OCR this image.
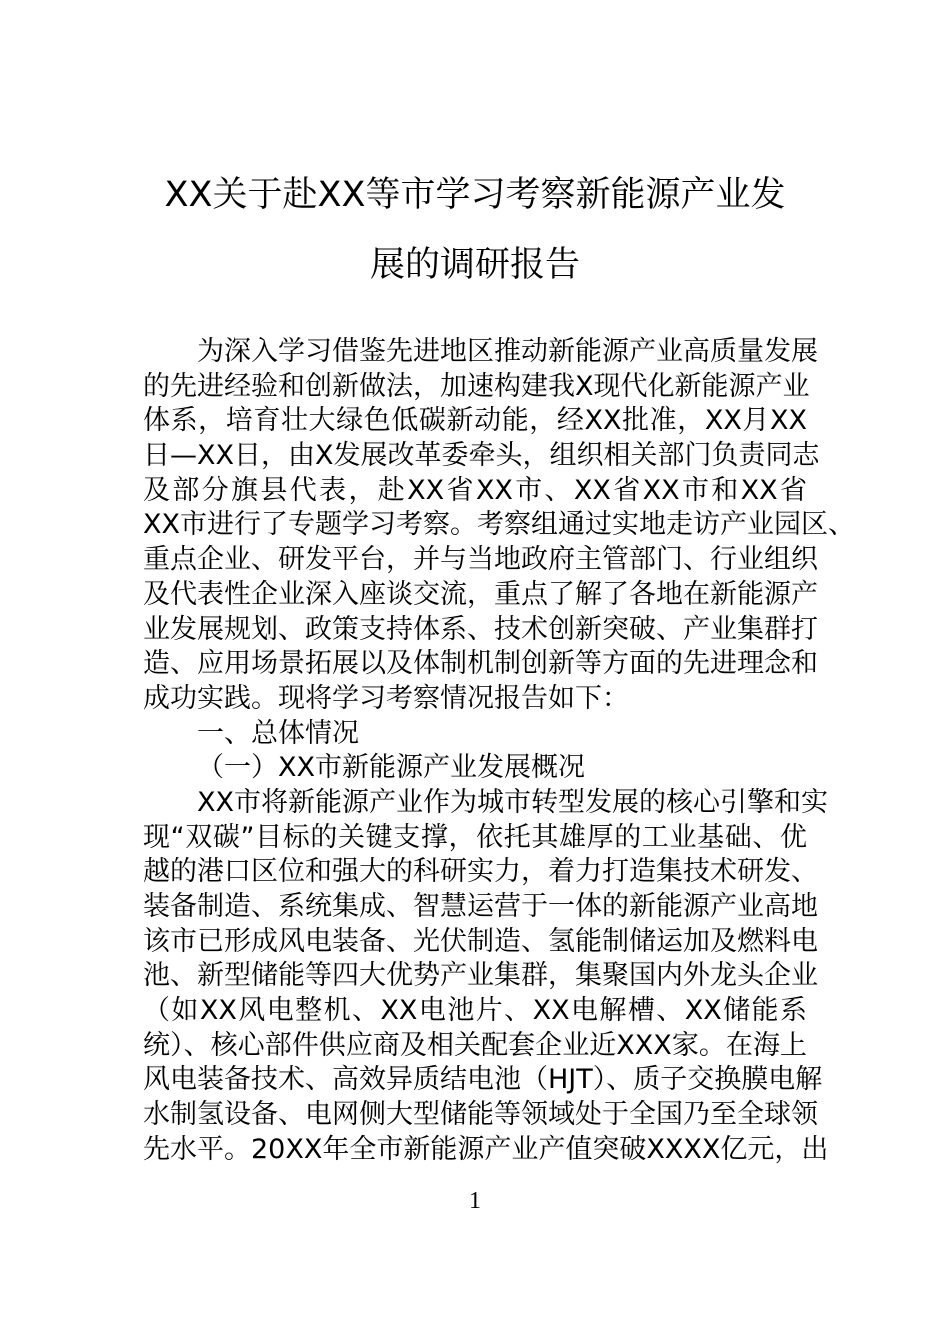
XX关于赴XX等市学习考察新能源产业发
展的调研报告
为深入学习借鉴先进地区推动新能源产业高质量发展
的先进经验和创新做法，加速构建我X现代化新能源产业
体系，培育壮大绿色低碳新动能，经XX批准，XX月XX
日—XX日，由X发展改革委牵头，组织相关部门负责同志
及部分旗县代表，赴XX省XX市、XX省XX市和XX省
XX市进行了专题学习考察。考察组通过实地走访产业园区、
重点企业、研发平台，并与当地政府主管部门、行业组织
及代表性企业深入座谈交流，重点了解了各地在新能源产
业发展规划、政策支持体系、技术创新突破、产业集群打
造、应用场景拓展以及体制机制创新等方面的先进理念和
成功实践。现将学习考察情况报告如下：
一、总体情况
（一）XX市新能源产业发展概况
XX市将新能源产业作为城市转型发展的核心引擎和实
现“双碳”目标的关键支撑，依托其雄厚的工业基础、优
越的港口区位和强大的科研实力，着力打造集技术研发、
装备制造、系统集成、智慧运营于一体的新能源产业高地
该市已形成风电装备、光伏制造、氢能制储运加及燃料电
池、新型储能等四大优势产业集群，集聚国内外龙头企业
（如XX风电整机、XX电池片、XX电解槽、XX储能系
统）、核心部件供应商及相关配套企业近XXX家。在海上
风电装备技术、高效异质结电池（HJT）、质子交换膜电解
水制氢设备、电网侧大型储能等领域处于全国乃至全球领
先水平。20XX年全市新能源产业产值突破XXXX亿元，出
1
